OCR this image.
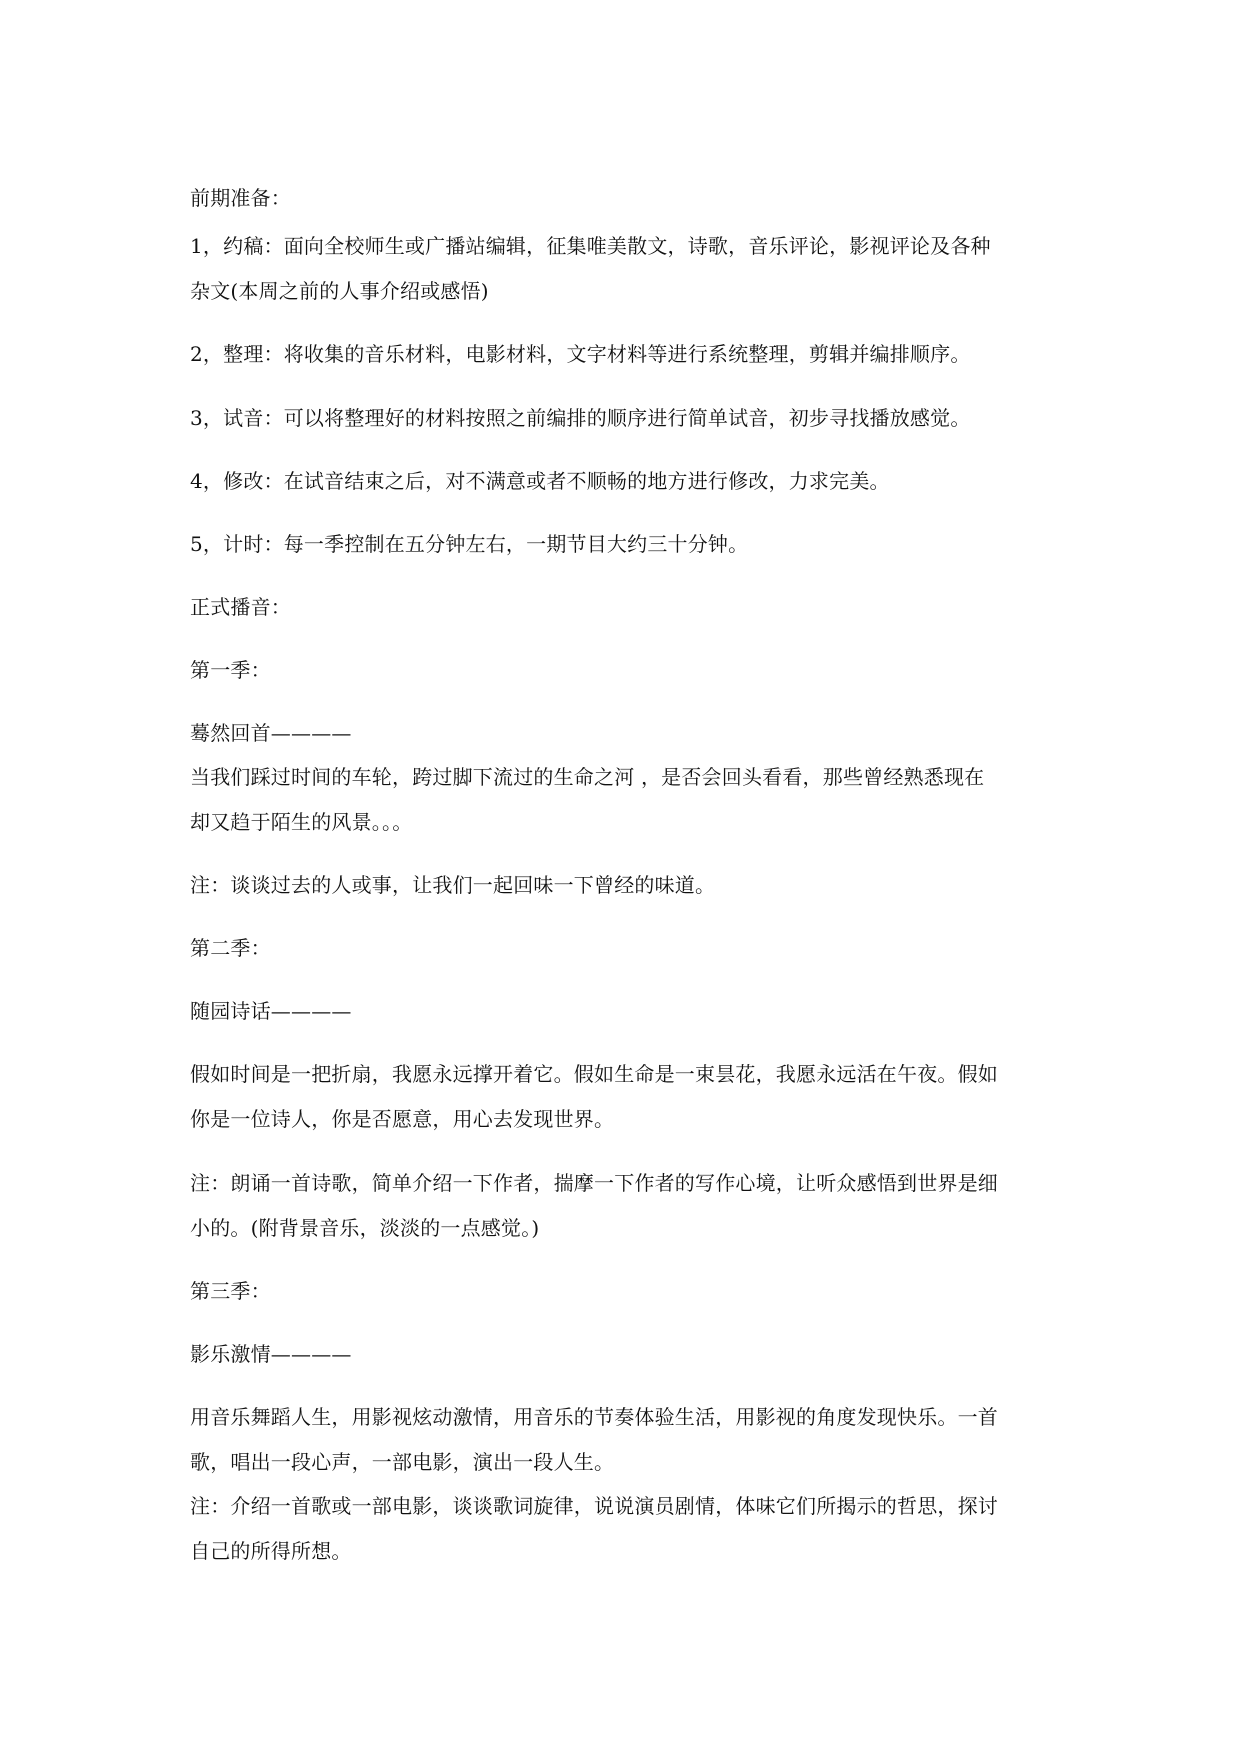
前期准备：
1，约稿：面向全校师生或广播站编辑，征集唯美散文，诗歌，音乐评论，影视评论及各种
杂文(本周之前的人事介绍或感悟)
2，整理：将收集的音乐材料，电影材料，文字材料等进行系统整理，剪辑并编排顺序。
3，试音：可以将整理好的材料按照之前编排的顺序进行简单试音，初步寻找播放感觉。
4，修改：在试音结束之后，对不满意或者不顺畅的地方进行修改，力求完美。
5，计时：每一季控制在五分钟左右，一期节目大约三十分钟。
正式播音：
第一季：
蓦然回首————
当我们踩过时间的车轮，跨过脚下流过的生命之河 ，是否会回头看看，那些曾经熟悉现在
却又趋于陌生的风景。。。
注：谈谈过去的人或事，让我们一起回味一下曾经的味道。
第二季：
随园诗话————
假如时间是一把折扇，我愿永远撑开着它。假如生命是一束昙花，我愿永远活在午夜。假如
你是一位诗人，你是否愿意，用心去发现世界。
注：朗诵一首诗歌，简单介绍一下作者，揣摩一下作者的写作心境，让听众感悟到世界是细
小的。(附背景音乐，淡淡的一点感觉。)
第三季：
影乐激情————
用音乐舞蹈人生，用影视炫动激情，用音乐的节奏体验生活，用影视的角度发现快乐。一首
歌，唱出一段心声，一部电影，演出一段人生。
注：介绍一首歌或一部电影，谈谈歌词旋律，说说演员剧情，体味它们所揭示的哲思，探讨
自己的所得所想。
